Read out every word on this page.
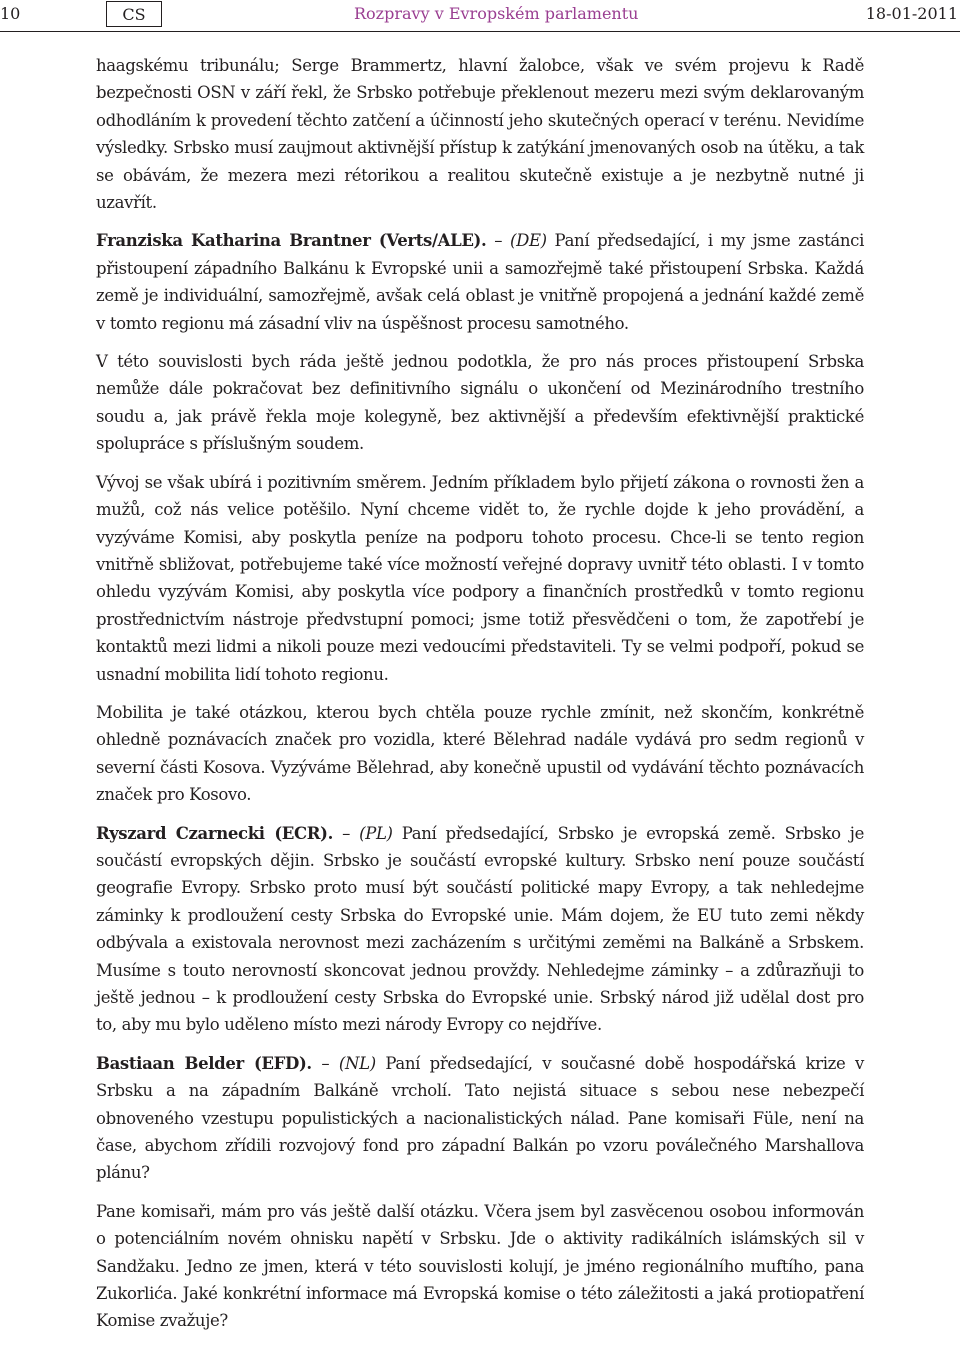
10	CS	Rozpravy v Evropském parlamentu	18-01-2011

haagskému tribunálu; Serge Brammertz, hlavní žalobce, však ve svém projevu k Radě bezpečnosti OSN v září řekl, že Srbsko potřebuje překlenout mezeru mezi svým deklarovaným odhodláním k provedení těchto zatčení a účinností jeho skutečných operací v terénu. Nevidíme výsledky. Srbsko musí zaujmout aktivnější přístup k zatýkání jmenovaných osob na útěku, a tak se obávám, že mezera mezi rétorikou a realitou skutečně existuje a je nezbytně nutné ji uzavřít.

Franziska Katharina Brantner (Verts/ALE). – (DE) Paní předsedající, i my jsme zastánci přistoupení západního Balkánu k Evropské unii a samozřejmě také přistoupení Srbska. Každá země je individuální, samozřejmě, avšak celá oblast je vnitřně propojená a jednání každé země v tomto regionu má zásadní vliv na úspěšnost procesu samotného.

V této souvislosti bych ráda ještě jednou podotkla, že pro nás proces přistoupení Srbska nemůže dále pokračovat bez definitivního signálu o ukončení od Mezinárodního trestního soudu a, jak právě řekla moje kolegyně, bez aktivnější a především efektivnější praktické spolupráce s příslušným soudem.

Vývoj se však ubírá i pozitivním směrem. Jedním příkladem bylo přijetí zákona o rovnosti žen a mužů, což nás velice potěšilo. Nyní chceme vidět to, že rychle dojde k jeho provádění, a vyzýváme Komisi, aby poskytla peníze na podporu tohoto procesu. Chce-li se tento region vnitřně sbližovat, potřebujeme také více možností veřejné dopravy uvnitř této oblasti. I v tomto ohledu vyzývám Komisi, aby poskytla více podpory a finančních prostředků v tomto regionu prostřednictvím nástroje předvstupní pomoci; jsme totiž přesvědčeni o tom, že zapotřebí je kontaktů mezi lidmi a nikoli pouze mezi vedoucími představiteli. Ty se velmi podpoří, pokud se usnadní mobilita lidí tohoto regionu.

Mobilita je také otázkou, kterou bych chtěla pouze rychle zmínit, než skončím, konkrétně ohledně poznávacích značek pro vozidla, které Bělehrad nadále vydává pro sedm regionů v severní části Kosova. Vyzýváme Bělehrad, aby konečně upustil od vydávání těchto poznávacích značek pro Kosovo.

Ryszard Czarnecki (ECR). – (PL) Paní předsedající, Srbsko je evropská země. Srbsko je součástí evropských dějin. Srbsko je součástí evropské kultury. Srbsko není pouze součástí geografie Evropy. Srbsko proto musí být součástí politické mapy Evropy, a tak nehledejme záminky k prodloužení cesty Srbska do Evropské unie. Mám dojem, že EU tuto zemi někdy odbývala a existovala nerovnost mezi zacházením s určitými zeměmi na Balkáně a Srbskem. Musíme s touto nerovností skoncovat jednou provždy. Nehledejme záminky – a zdůrazňuji to ještě jednou – k prodloužení cesty Srbska do Evropské unie. Srbský národ již udělal dost pro to, aby mu bylo uděleno místo mezi národy Evropy co nejdříve.

Bastiaan Belder (EFD). – (NL) Paní předsedající, v současné době hospodářská krize v Srbsku a na západním Balkáně vrcholí. Tato nejistá situace s sebou nese nebezpečí obnoveného vzestupu populistických a nacionalistických nálad. Pane komisaři Füle, není na čase, abychom zřídili rozvojový fond pro západní Balkán po vzoru poválečného Marshallova plánu?

Pane komisaři, mám pro vás ještě další otázku. Včera jsem byl zasvěcenou osobou informován o potenciálním novém ohnisku napětí v Srbsku. Jde o aktivity radikálních islámských sil v Sandžaku. Jedno ze jmen, která v této souvislosti kolují, je jméno regionálního muftího, pana Zukorlića. Jaké konkrétní informace má Evropská komise o této záležitosti a jaká protiopatření Komise zvažuje?
